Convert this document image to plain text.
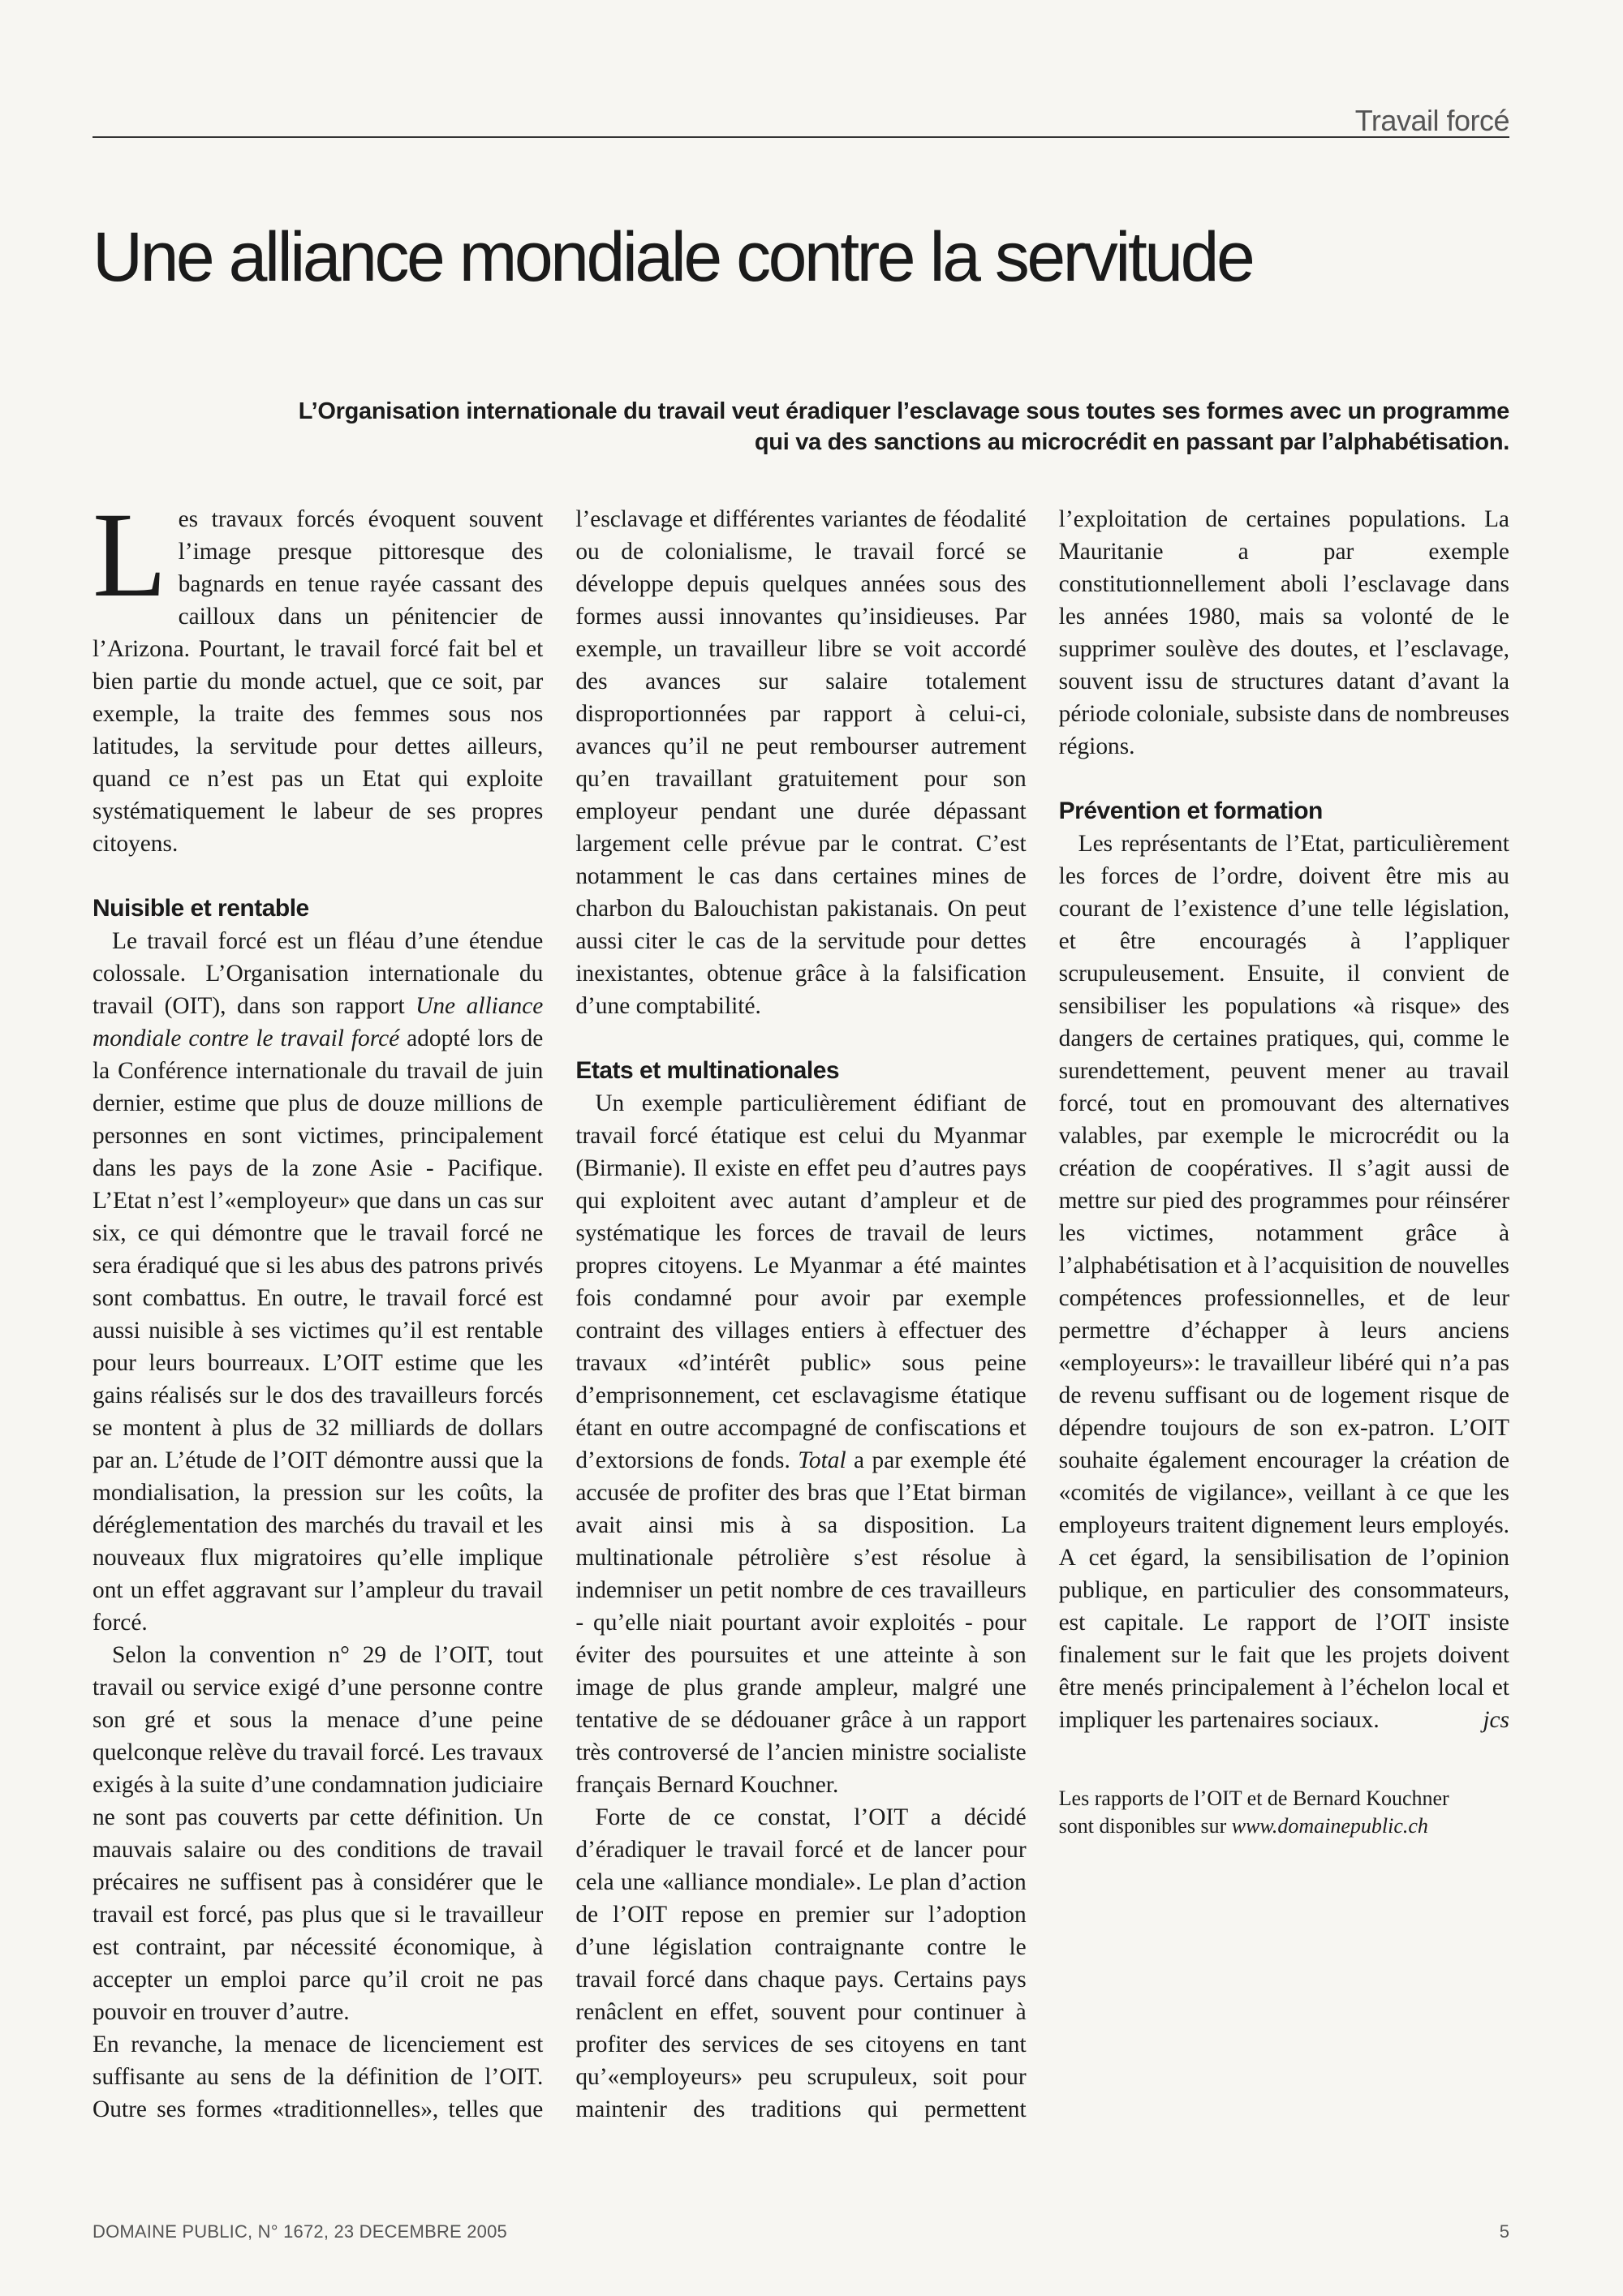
Travail forcé
Une alliance mondiale contre la servitude
L’Organisation internationale du travail veut éradiquer l’esclavage sous toutes ses formes avec un programme qui va des sanctions au microcrédit en passant par l’alphabétisation.

Les travaux forcés évoquent souvent l’image presque pittoresque des bagnards en tenue rayée cassant des cailloux dans un pénitencier de l’Arizona. Pourtant, le travail forcé fait bel et bien partie du monde actuel, que ce soit, par exemple, la traite des femmes sous nos latitudes, la servitude pour dettes ailleurs, quand ce n’est pas un Etat qui exploite systématiquement le labeur de ses propres citoyens.

Nuisible et rentable

Le travail forcé est un fléau d’une étendue colossale. L’Organisation internationale du travail (OIT), dans son rapport Une alliance mondiale contre le travail forcé adopté lors de la Conférence internationale du travail de juin dernier, estime que plus de douze millions de personnes en sont victimes, principalement dans les pays de la zone Asie - Pacifique. L’Etat n’est l’«employeur» que dans un cas sur six, ce qui démontre que le travail forcé ne sera éradiqué que si les abus des patrons privés sont combattus. En outre, le travail forcé est aussi nuisible à ses victimes qu’il est rentable pour leurs bourreaux. L’OIT estime que les gains réalisés sur le dos des travailleurs forcés se montent à plus de 32 milliards de dollars par an. L’étude de l’OIT démontre aussi que la mondialisation, la pression sur les coûts, la déréglementation des marchés du travail et les nouveaux flux migratoires qu’elle implique ont un effet aggravant sur l’ampleur du travail forcé.

Selon la convention n° 29 de l’OIT, tout travail ou service exigé d’une personne contre son gré et sous la menace d’une peine quelconque relève du travail forcé. Les travaux exigés à la suite d’une condamnation judiciaire ne sont pas couverts par cette définition. Un mauvais salaire ou des conditions de travail précaires ne suffisent pas à considérer que le travail est forcé, pas plus que si le travailleur est contraint, par nécessité économique, à accepter un emploi parce qu’il croit ne pas pouvoir en trouver d’autre.

En revanche, la menace de licenciement est suffisante au sens de la définition de l’OIT. Outre ses formes «traditionnelles», telles que l’esclavage et différentes variantes de féodalité ou de colonialisme, le travail forcé se développe depuis quelques années sous des formes aussi innovantes qu’insidieuses. Par exemple, un travailleur libre se voit accordé des avances sur salaire totalement disproportionnées par rapport à celui-ci, avances qu’il ne peut rembourser autrement qu’en travaillant gratuitement pour son employeur pendant une durée dépassant largement celle prévue par le contrat. C’est notamment le cas dans certaines mines de charbon du Balouchistan pakistanais. On peut aussi citer le cas de la servitude pour dettes inexistantes, obtenue grâce à la falsification d’une comptabilité.

Etats et multinationales

Un exemple particulièrement édifiant de travail forcé étatique est celui du Myanmar (Birmanie). Il existe en effet peu d’autres pays qui exploitent avec autant d’ampleur et de systématique les forces de travail de leurs propres citoyens. Le Myanmar a été maintes fois condamné pour avoir par exemple contraint des villages entiers à effectuer des travaux «d’intérêt public» sous peine d’emprisonnement, cet esclavagisme étatique étant en outre accompagné de confiscations et d’extorsions de fonds. Total a par exemple été accusée de profiter des bras que l’Etat birman avait ainsi mis à sa disposition. La multinationale pétrolière s’est résolue à indemniser un petit nombre de ces travailleurs - qu’elle niait pourtant avoir exploités - pour éviter des poursuites et une atteinte à son image de plus grande ampleur, malgré une tentative de se dédouaner grâce à un rapport très controversé de l’ancien ministre socialiste français Bernard Kouchner.

Forte de ce constat, l’OIT a décidé d’éradiquer le travail forcé et de lancer pour cela une «alliance mondiale». Le plan d’action de l’OIT repose en premier sur l’adoption d’une législation contraignante contre le travail forcé dans chaque pays. Certains pays renâclent en effet, souvent pour continuer à profiter des services de ses citoyens en tant qu’«employeurs» peu scrupuleux, soit pour maintenir des traditions qui permettent l’exploitation de certaines populations. La Mauritanie a par exemple constitutionnellement aboli l’esclavage dans les années 1980, mais sa volonté de le supprimer soulève des doutes, et l’esclavage, souvent issu de structures datant d’avant la période coloniale, subsiste dans de nombreuses régions.

Prévention et formation

Les représentants de l’Etat, particulièrement les forces de l’ordre, doivent être mis au courant de l’existence d’une telle législation, et être encouragés à l’appliquer scrupuleusement. Ensuite, il convient de sensibiliser les populations «à risque» des dangers de certaines pratiques, qui, comme le surendettement, peuvent mener au travail forcé, tout en promouvant des alternatives valables, par exemple le microcrédit ou la création de coopératives. Il s’agit aussi de mettre sur pied des programmes pour réinsérer les victimes, notamment grâce à l’alphabétisation et à l’acquisition de nouvelles compétences professionnelles, et de leur permettre d’échapper à leurs anciens «employeurs»: le travailleur libéré qui n’a pas de revenu suffisant ou de logement risque de dépendre toujours de son ex-patron. L’OIT souhaite également encourager la création de «comités de vigilance», veillant à ce que les employeurs traitent dignement leurs employés. A cet égard, la sensibilisation de l’opinion publique, en particulier des consommateurs, est capitale. Le rapport de l’OIT insiste finalement sur le fait que les projets doivent être menés principalement à l’échelon local et impliquer les partenaires sociaux.	jcs

Les rapports de l’OIT et de Bernard Kouchner
sont disponibles sur www.domainepublic.ch

DOMAINE PUBLIC, N° 1672, 23 DECEMBRE 2005	5
